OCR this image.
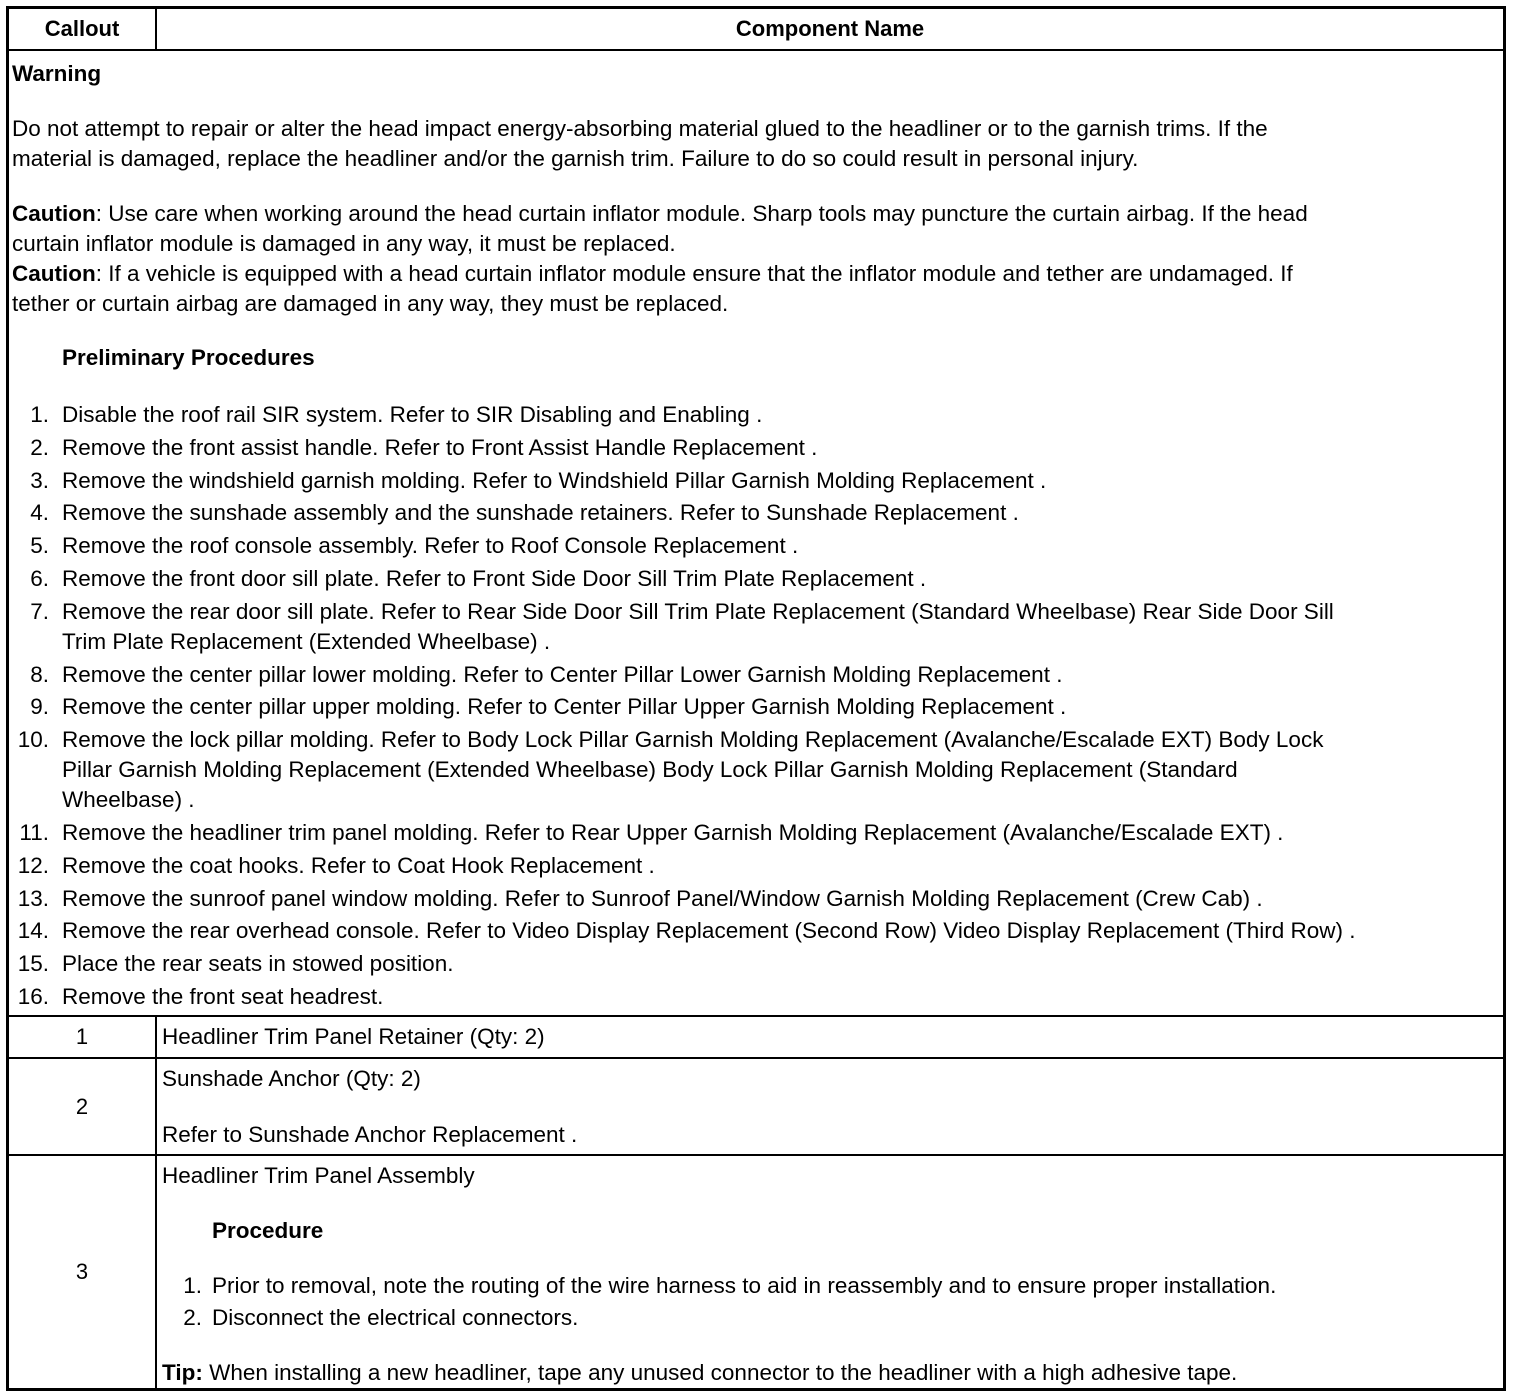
Callout	Component Name
Warning
Do not attempt to repair or alter the head impact energy-absorbing material glued to the headliner or to the garnish trims. If the
material is damaged, replace the headliner and/or the garnish trim. Failure to do so could result in personal injury.
Caution: Use care when working around the head curtain inflator module. Sharp tools may puncture the curtain airbag. If the head
curtain inflator module is damaged in any way, it must be replaced.
Caution: If a vehicle is equipped with a head curtain inflator module ensure that the inflator module and tether are undamaged. If
tether or curtain airbag are damaged in any way, they must be replaced.
Preliminary Procedures
1. Disable the roof rail SIR system. Refer to SIR Disabling and Enabling .
2. Remove the front assist handle. Refer to Front Assist Handle Replacement .
3. Remove the windshield garnish molding. Refer to Windshield Pillar Garnish Molding Replacement .
4. Remove the sunshade assembly and the sunshade retainers. Refer to Sunshade Replacement .
5. Remove the roof console assembly. Refer to Roof Console Replacement .
6. Remove the front door sill plate. Refer to Front Side Door Sill Trim Plate Replacement .
7. Remove the rear door sill plate. Refer to Rear Side Door Sill Trim Plate Replacement (Standard Wheelbase) Rear Side Door Sill
Trim Plate Replacement (Extended Wheelbase) .
8. Remove the center pillar lower molding. Refer to Center Pillar Lower Garnish Molding Replacement .
9. Remove the center pillar upper molding. Refer to Center Pillar Upper Garnish Molding Replacement .
10. Remove the lock pillar molding. Refer to Body Lock Pillar Garnish Molding Replacement (Avalanche/Escalade EXT) Body Lock
Pillar Garnish Molding Replacement (Extended Wheelbase) Body Lock Pillar Garnish Molding Replacement (Standard
Wheelbase) .
11. Remove the headliner trim panel molding. Refer to Rear Upper Garnish Molding Replacement (Avalanche/Escalade EXT) .
12. Remove the coat hooks. Refer to Coat Hook Replacement .
13. Remove the sunroof panel window molding. Refer to Sunroof Panel/Window Garnish Molding Replacement (Crew Cab) .
14. Remove the rear overhead console. Refer to Video Display Replacement (Second Row) Video Display Replacement (Third Row) .
15. Place the rear seats in stowed position.
16. Remove the front seat headrest.
1	Headliner Trim Panel Retainer (Qty: 2)
2
Sunshade Anchor (Qty: 2)
Refer to Sunshade Anchor Replacement .
3
Headliner Trim Panel Assembly
Procedure
1. Prior to removal, note the routing of the wire harness to aid in reassembly and to ensure proper installation.
2. Disconnect the electrical connectors.
Tip: When installing a new headliner, tape any unused connector to the headliner with a high adhesive tape.
